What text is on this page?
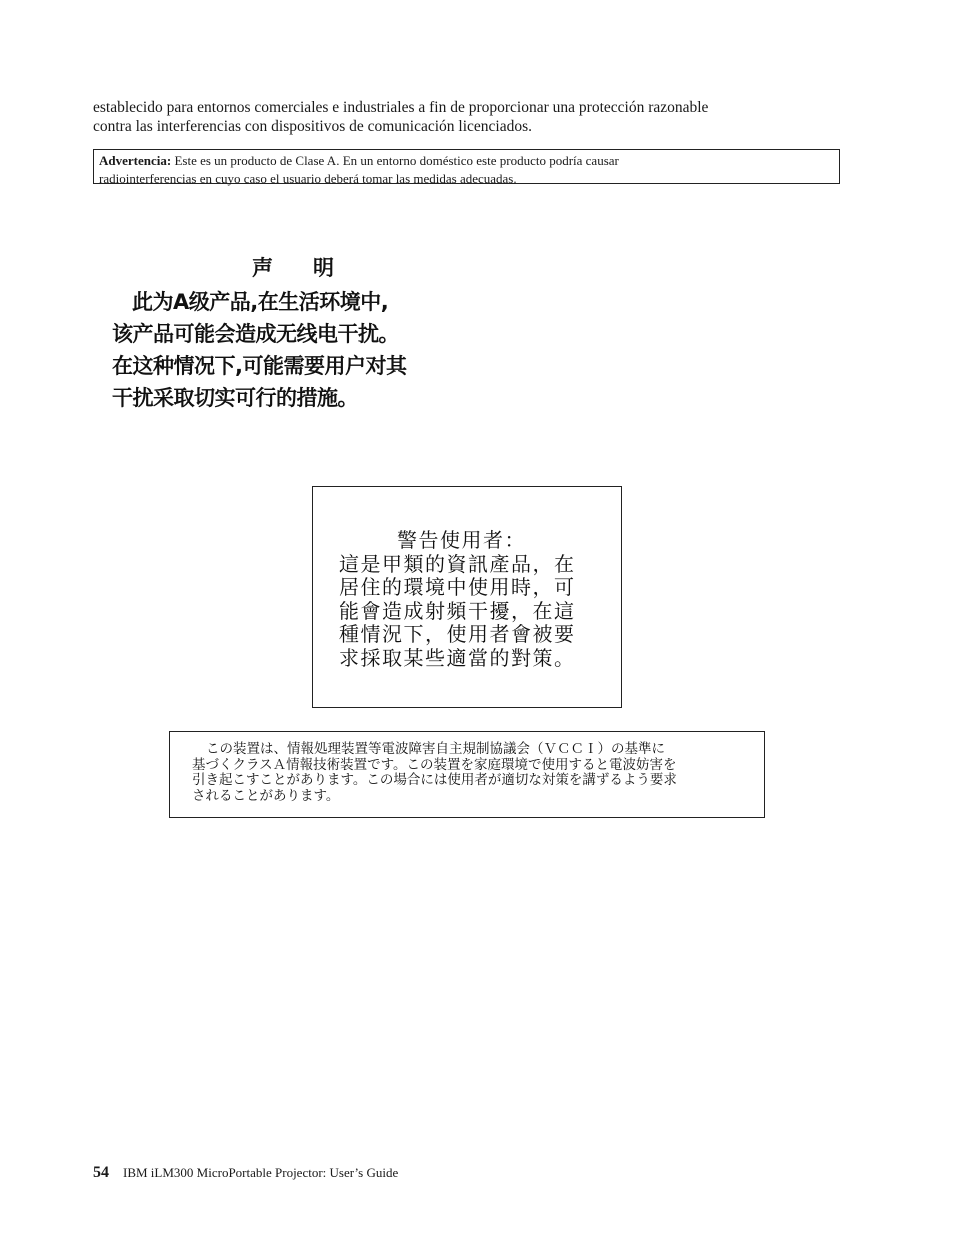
establecido para entornos comerciales e industriales a fin de proporcionar una protección razonable

contra las interferencias con dispositivos de comunicación licenciados.

Advertencia: Este es un producto de Clase A. En un entorno doméstico este producto podría causar

radiointerferencias en cuyo caso el usuario deberá tomar las medidas adecuadas.

声明
此为A级产品,在生活环境中,
该产品可能会造成无线电干扰。
在这种情况下,可能需要用户对其
干扰采取切实可行的措施。
警告使用者：
這是甲類的資訊產品，在
居住的環境中使用時，可
能會造成射頻干擾，在這
種情況下，使用者會被要
求採取某些適當的對策。
この装置は、情報処理装置等電波障害自主規制協議会（ＶＣＣＩ）の基準に
基づくクラスＡ情報技術装置です。この装置を家庭環境で使用すると電波妨害を
引き起こすことがあります。この場合には使用者が適切な対策を講ずるよう要求
されることがあります。
54 IBM iLM300 MicroPortable Projector: User’s Guide
